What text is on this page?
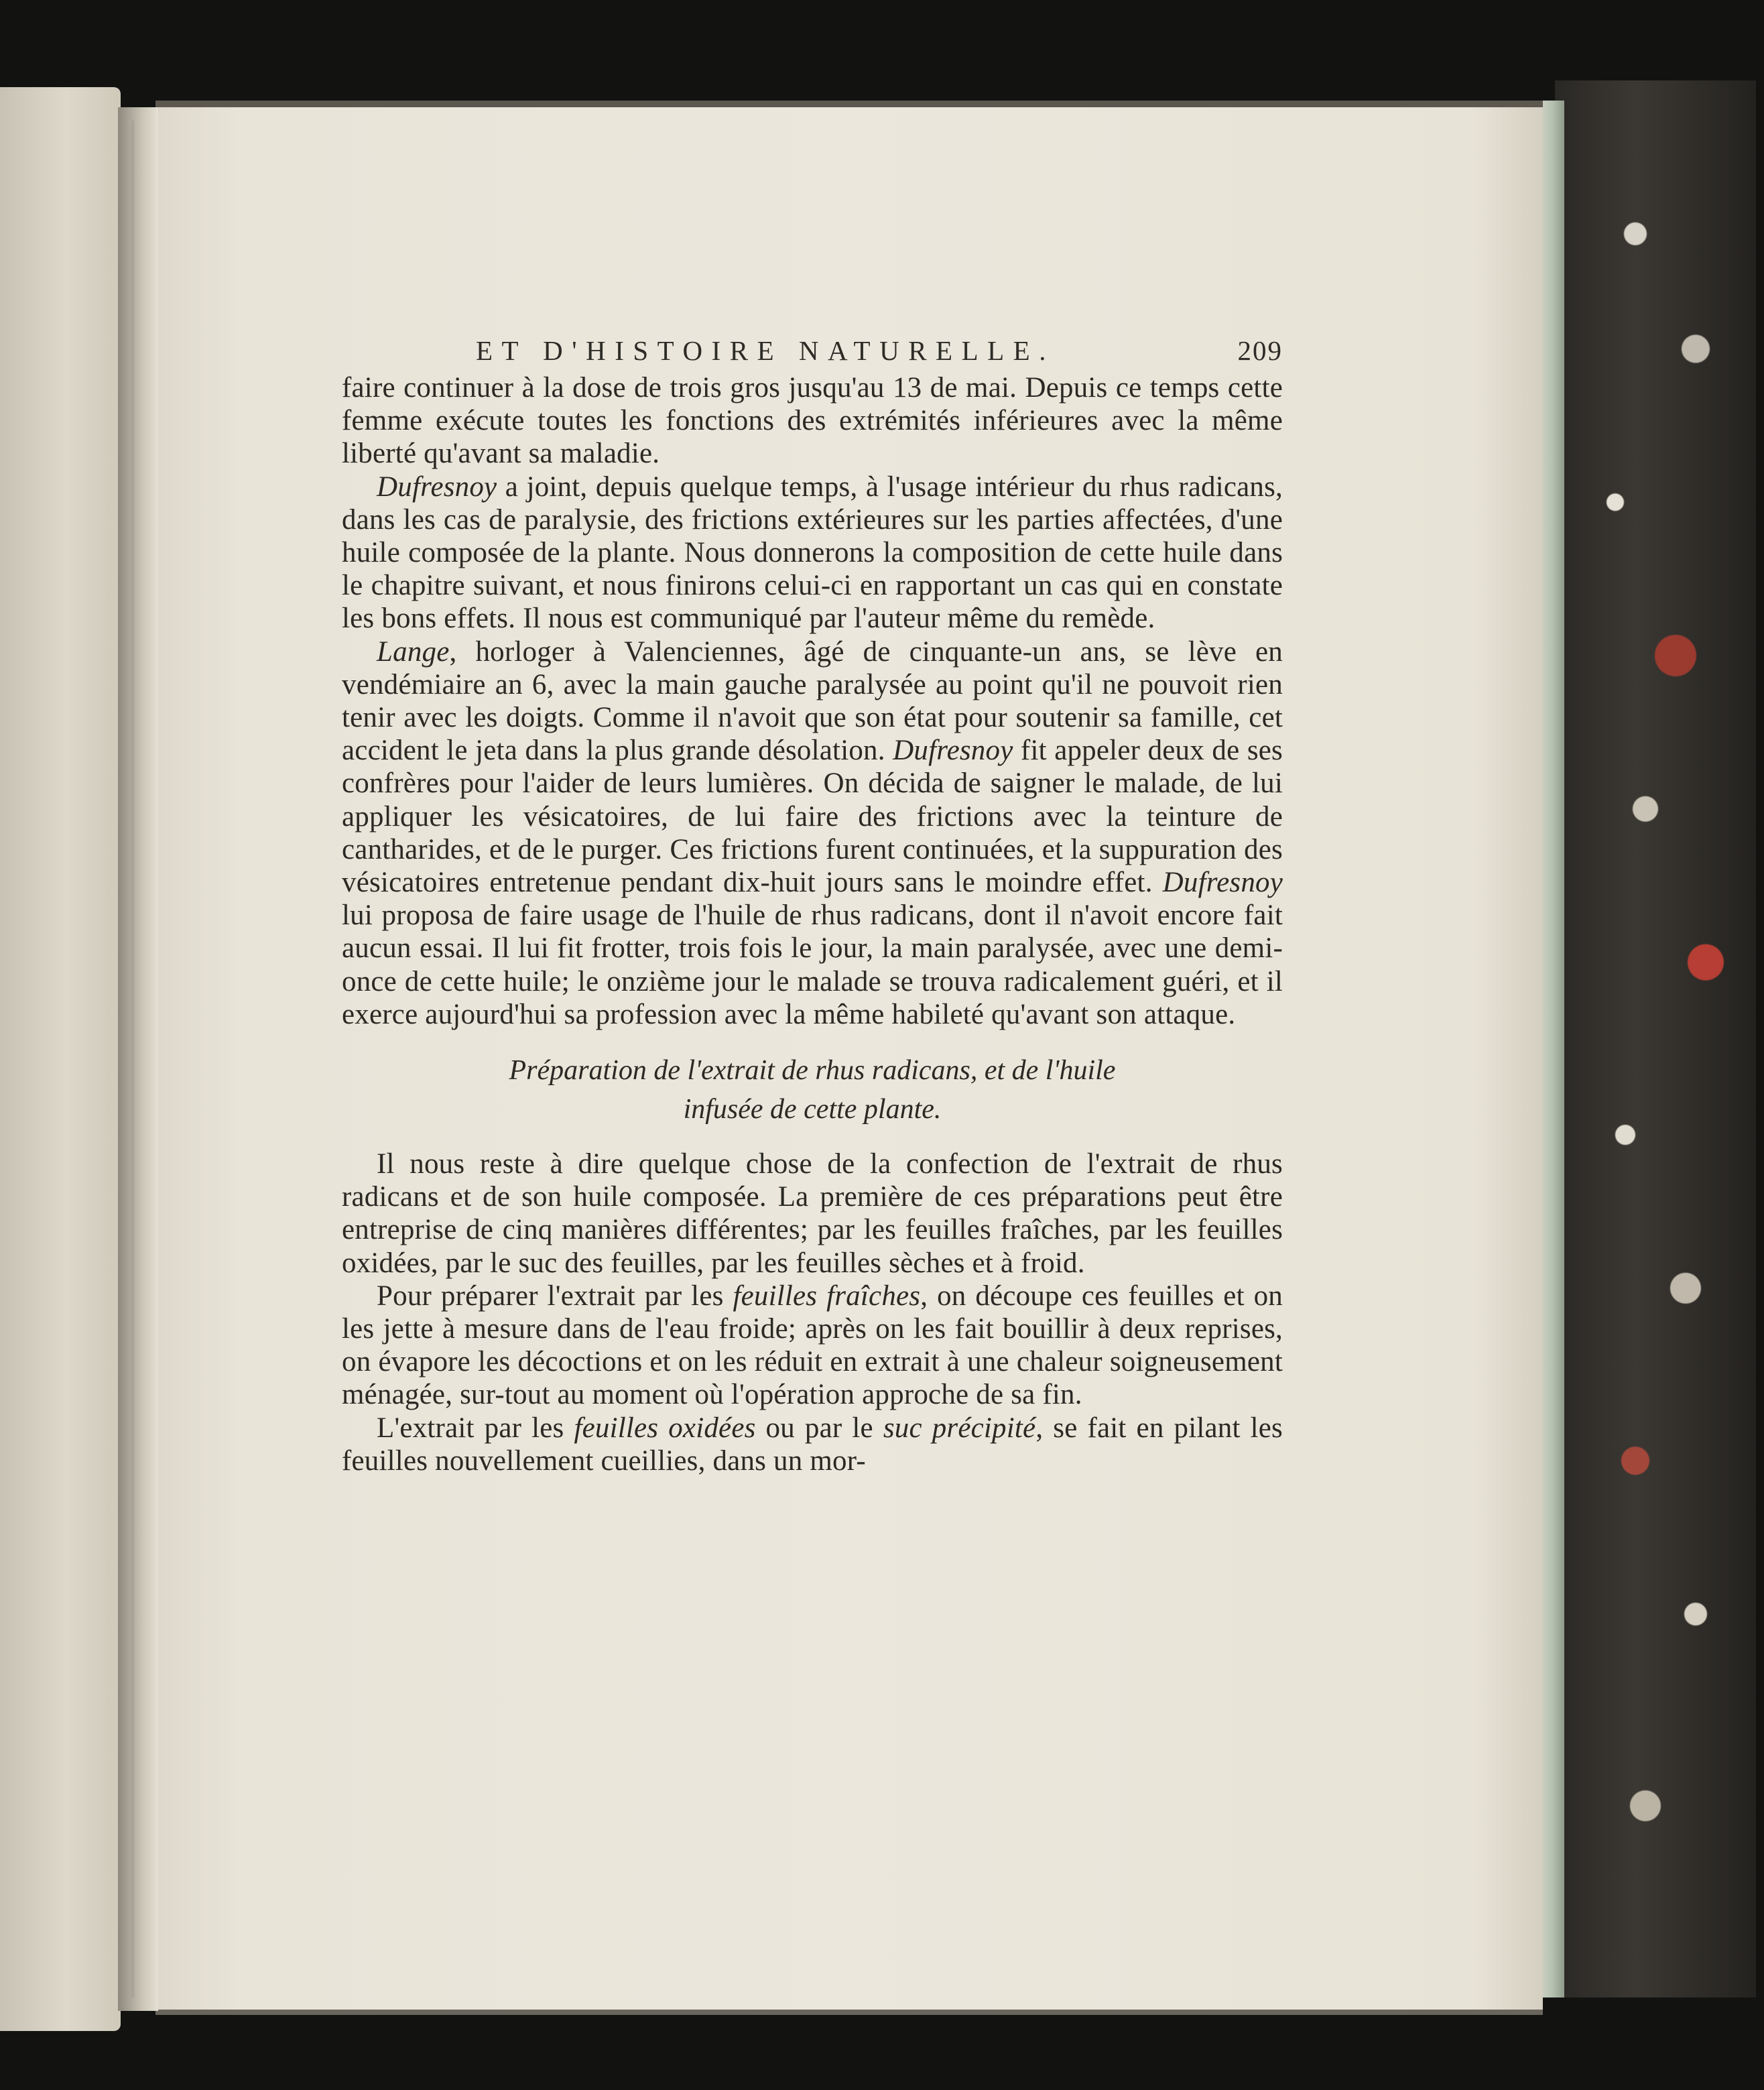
ET D'HISTOIRE NATURELLE.	209

faire continuer à la dose de trois gros jusqu'au 13 de mai. Depuis ce temps cette femme exécute toutes les fonctions des extrémités inférieures avec la même liberté qu'avant sa maladie.

Dufresnoy a joint, depuis quelque temps, à l'usage intérieur du rhus radicans, dans les cas de paralysie, des frictions extérieures sur les parties affectées, d'une huile composée de la plante. Nous donnerons la composition de cette huile dans le chapitre suivant, et nous finirons celui-ci en rapportant un cas qui en constate les bons effets. Il nous est communiqué par l'auteur même du remède.

Lange, horloger à Valenciennes, âgé de cinquante-un ans, se lève en vendémiaire an 6, avec la main gauche paralysée au point qu'il ne pouvoit rien tenir avec les doigts. Comme il n'avoit que son état pour soutenir sa famille, cet accident le jeta dans la plus grande désolation. Dufresnoy fit appeler deux de ses confrères pour l'aider de leurs lumières. On décida de saigner le malade, de lui appliquer les vésicatoires, de lui faire des frictions avec la teinture de cantharides, et de le purger. Ces frictions furent continuées, et la suppuration des vésicatoires entretenue pendant dix-huit jours sans le moindre effet. Dufresnoy lui proposa de faire usage de l'huile de rhus radicans, dont il n'avoit encore fait aucun essai. Il lui fit frotter, trois fois le jour, la main paralysée, avec une demi-once de cette huile; le onzième jour le malade se trouva radicalement guéri, et il exerce aujourd'hui sa profession avec la même habileté qu'avant son attaque.

Préparation de l'extrait de rhus radicans, et de l'huile
infusée de cette plante.

Il nous reste à dire quelque chose de la confection de l'extrait de rhus radicans et de son huile composée. La première de ces préparations peut être entreprise de cinq manières différentes; par les feuilles fraîches, par les feuilles oxidées, par le suc des feuilles, par les feuilles sèches et à froid.

Pour préparer l'extrait par les feuilles fraîches, on découpe ces feuilles et on les jette à mesure dans de l'eau froide; après on les fait bouillir à deux reprises, on évapore les décoctions et on les réduit en extrait à une chaleur soigneusement ménagée, sur-tout au moment où l'opération approche de sa fin.

L'extrait par les feuilles oxidées ou par le suc précipité, se fait en pilant les feuilles nouvellement cueillies, dans un mor-
